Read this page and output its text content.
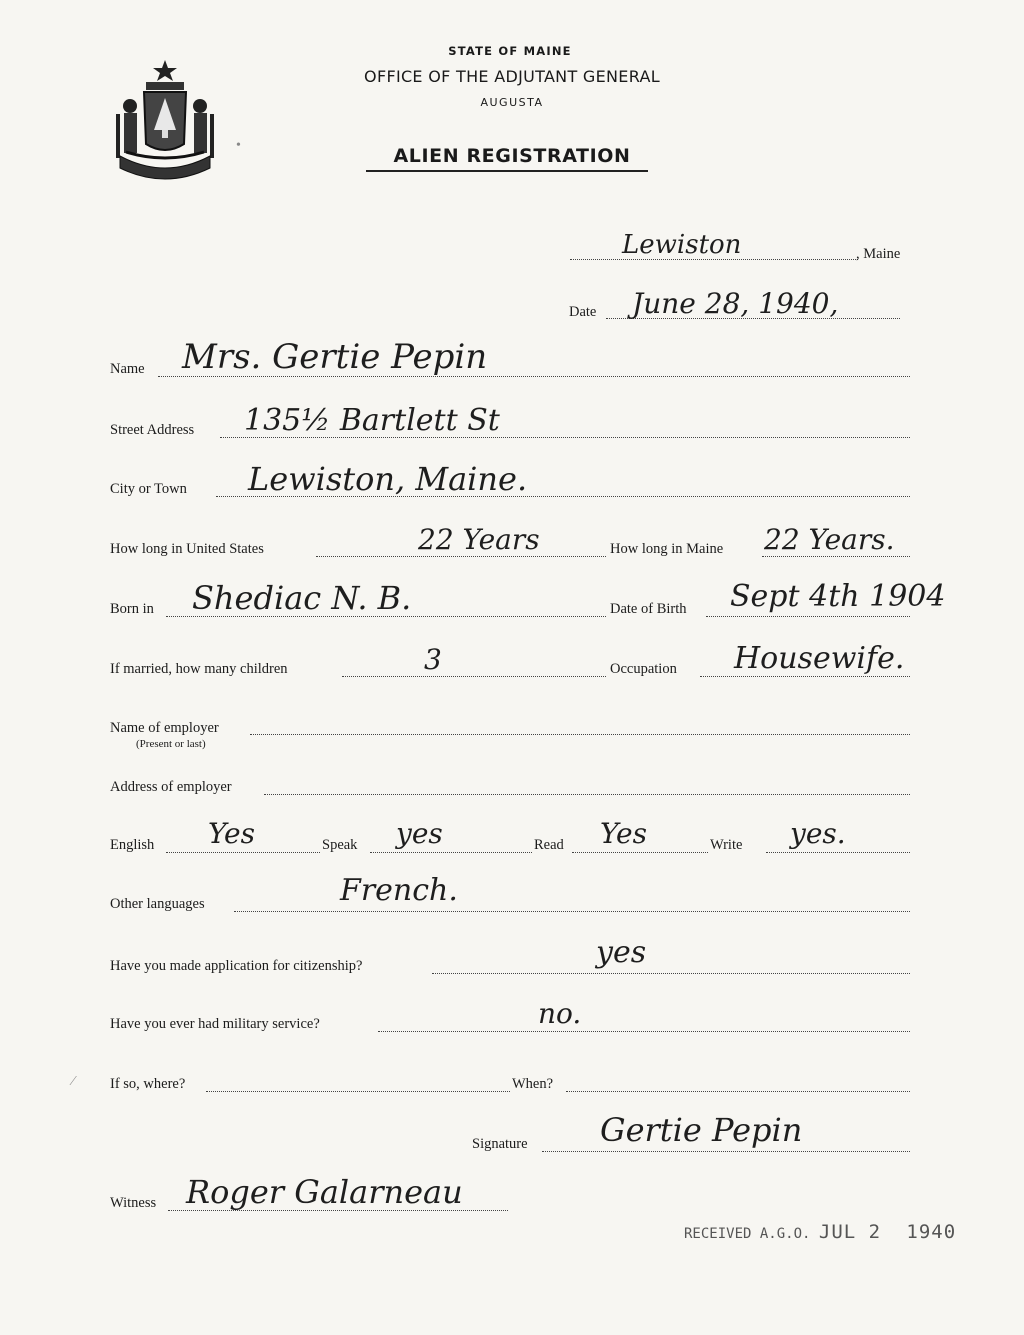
STATE OF MAINE
OFFICE OF THE ADJUTANT GENERAL
AUGUSTA
ALIEN REGISTRATION
Lewiston	, Maine
Date June 28, 1940,
Name Mrs. Gertie Pepin
Street Address 135½ Bartlett St
City or Town Lewiston, Maine.
How long in United States	22 Years	How long in Maine 22 Years.
Born in Shediac N. B.	Date of Birth Sept 4th 1904
If married, how many children	3	Occupation Housewife.
Name of employer
(Present or last)
Address of employer
English Yes	Speak yes	Read Yes	Write yes.
Other languages	French.
Have you made application for citizenship?	yes
Have you ever had military service?	no.
If so, where?	When?
Signature Gertie Pepin
Witness Roger Galarneau
RECEIVED A.G.O. JUL 2 1940
•
⁄
